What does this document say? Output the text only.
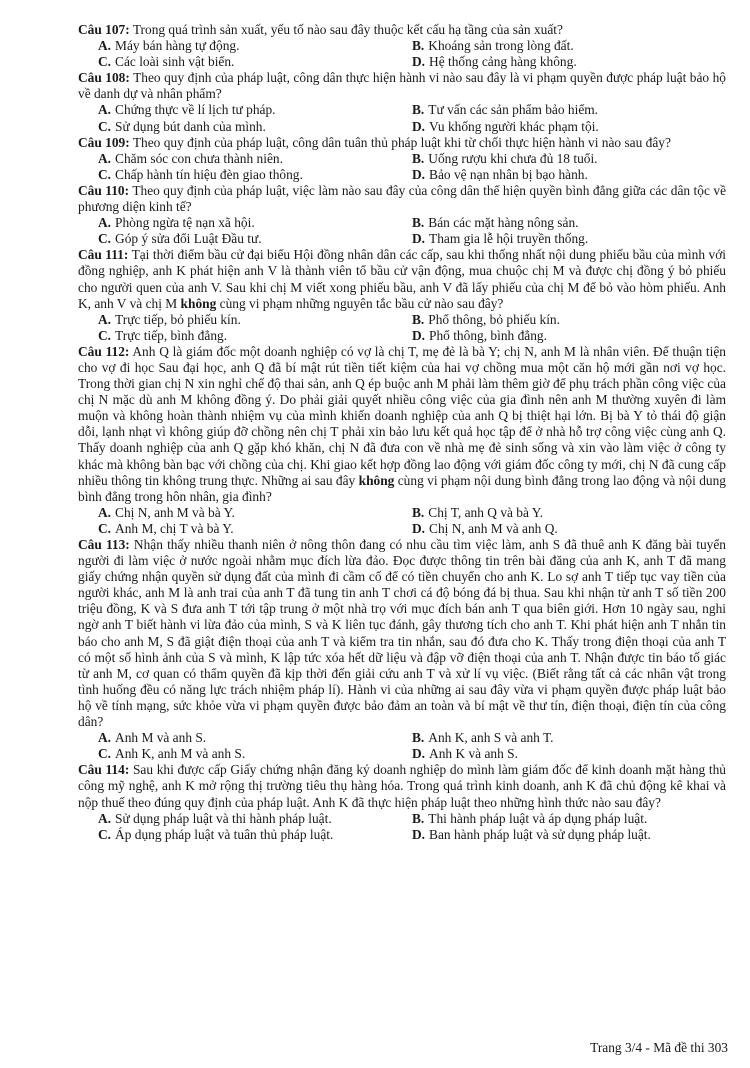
Câu 107: Trong quá trình sản xuất, yếu tố nào sau đây thuộc kết cấu hạ tầng của sản xuất?
A. Máy bán hàng tự động.	B. Khoáng sản trong lòng đất.
C. Các loài sinh vật biển.	D. Hệ thống cảng hàng không.
Câu 108: Theo quy định của pháp luật, công dân thực hiện hành vi nào sau đây là vi phạm quyền được pháp luật bảo hộ về danh dự và nhân phẩm?
A. Chứng thực về lí lịch tư pháp.	B. Tư vấn các sản phẩm bảo hiểm.
C. Sử dụng bút danh của mình.	D. Vu khống người khác phạm tội.
Câu 109: Theo quy định của pháp luật, công dân tuân thủ pháp luật khi từ chối thực hiện hành vi nào sau đây?
A. Chăm sóc con chưa thành niên.	B. Uống rượu khi chưa đủ 18 tuổi.
C. Chấp hành tín hiệu đèn giao thông.	D. Bảo vệ nạn nhân bị bạo hành.
Câu 110: Theo quy định của pháp luật, việc làm nào sau đây của công dân thể hiện quyền bình đẳng giữa các dân tộc về phương diện kinh tế?
A. Phòng ngừa tệ nạn xã hội.	B. Bán các mặt hàng nông sản.
C. Góp ý sửa đổi Luật Đầu tư.	D. Tham gia lễ hội truyền thống.
Câu 111: Tại thời điểm bầu cử đại biểu Hội đồng nhân dân các cấp, sau khi thống nhất nội dung phiếu bầu của mình với đồng nghiệp, anh K phát hiện anh V là thành viên tổ bầu cử vận động, mua chuộc chị M và được chị đồng ý bỏ phiếu cho người quen của anh V. Sau khi chị M viết xong phiếu bầu, anh V đã lấy phiếu của chị M để bỏ vào hòm phiếu. Anh K, anh V và chị M không cùng vi phạm những nguyên tắc bầu cử nào sau đây?
A. Trực tiếp, bỏ phiếu kín.	B. Phổ thông, bỏ phiếu kín.
C. Trực tiếp, bình đẳng.	D. Phổ thông, bình đẳng.
Câu 112: Anh Q là giám đốc một doanh nghiệp có vợ là chị T, mẹ đẻ là bà Y; chị N, anh M là nhân viên. Để thuận tiện cho vợ đi học Sau đại học, anh Q đã bí mật rút tiền tiết kiệm của hai vợ chồng mua một căn hộ mới gần nơi vợ học. Trong thời gian chị N xin nghỉ chế độ thai sản, anh Q ép buộc anh M phải làm thêm giờ để phụ trách phần công việc của chị N mặc dù anh M không đồng ý. Do phải giải quyết nhiều công việc của gia đình nên anh M thường xuyên đi làm muộn và không hoàn thành nhiệm vụ của mình khiến doanh nghiệp của anh Q bị thiệt hại lớn. Bị bà Y tỏ thái độ giận dỗi, lạnh nhạt vì không giúp đỡ chồng nên chị T phải xin bảo lưu kết quả học tập để ở nhà hỗ trợ công việc cùng anh Q. Thấy doanh nghiệp của anh Q gặp khó khăn, chị N đã đưa con về nhà mẹ đẻ sinh sống và xin vào làm việc ở công ty khác mà không bàn bạc với chồng của chị. Khi giao kết hợp đồng lao động với giám đốc công ty mới, chị N đã cung cấp nhiều thông tin không trung thực. Những ai sau đây không cùng vi phạm nội dung bình đẳng trong lao động và nội dung bình đẳng trong hôn nhân, gia đình?
A. Chị N, anh M và bà Y.	B. Chị T, anh Q và bà Y.
C. Anh M, chị T và bà Y.	D. Chị N, anh M và anh Q.
Câu 113: Nhận thấy nhiều thanh niên ở nông thôn đang có nhu cầu tìm việc làm, anh S đã thuê anh K đăng bài tuyển người đi làm việc ở nước ngoài nhằm mục đích lừa đảo. Đọc được thông tin trên bài đăng của anh K, anh T đã mang giấy chứng nhận quyền sử dụng đất của mình đi cầm cố để có tiền chuyển cho anh K. Lo sợ anh T tiếp tục vay tiền của người khác, anh M là anh trai của anh T đã tung tin anh T chơi cá độ bóng đá bị thua. Sau khi nhận từ anh T số tiền 200 triệu đồng, K và S đưa anh T tới tập trung ở một nhà trọ với mục đích bán anh T qua biên giới. Hơn 10 ngày sau, nghi ngờ anh T biết hành vi lừa đảo của mình, S và K liên tục đánh, gây thương tích cho anh T. Khi phát hiện anh T nhắn tin báo cho anh M, S đã giật điện thoại của anh T và kiểm tra tin nhắn, sau đó đưa cho K. Thấy trong điện thoại của anh T có một số hình ảnh của S và mình, K lập tức xóa hết dữ liệu và đập vỡ điện thoại của anh T. Nhận được tin báo tố giác từ anh M, cơ quan có thẩm quyền đã kịp thời đến giải cứu anh T và xử lí vụ việc. (Biết rằng tất cả các nhân vật trong tình huống đều có năng lực trách nhiệm pháp lí). Hành vi của những ai sau đây vừa vi phạm quyền được pháp luật bảo hộ về tính mạng, sức khỏe vừa vi phạm quyền được bảo đảm an toàn và bí mật về thư tín, điện thoại, điện tín của công dân?
A. Anh M và anh S.	B. Anh K, anh S và anh T.
C. Anh K, anh M và anh S.	D. Anh K và anh S.
Câu 114: Sau khi được cấp Giấy chứng nhận đăng ký doanh nghiệp do mình làm giám đốc để kinh doanh mặt hàng thủ công mỹ nghệ, anh K mở rộng thị trường tiêu thụ hàng hóa. Trong quá trình kinh doanh, anh K đã chủ động kê khai và nộp thuế theo đúng quy định của pháp luật. Anh K đã thực hiện pháp luật theo những hình thức nào sau đây?
A. Sử dụng pháp luật và thi hành pháp luật.	B. Thi hành pháp luật và áp dụng pháp luật.
C. Áp dụng pháp luật và tuân thủ pháp luật.	D. Ban hành pháp luật và sử dụng pháp luật.
Trang 3/4 - Mã đề thi 303
